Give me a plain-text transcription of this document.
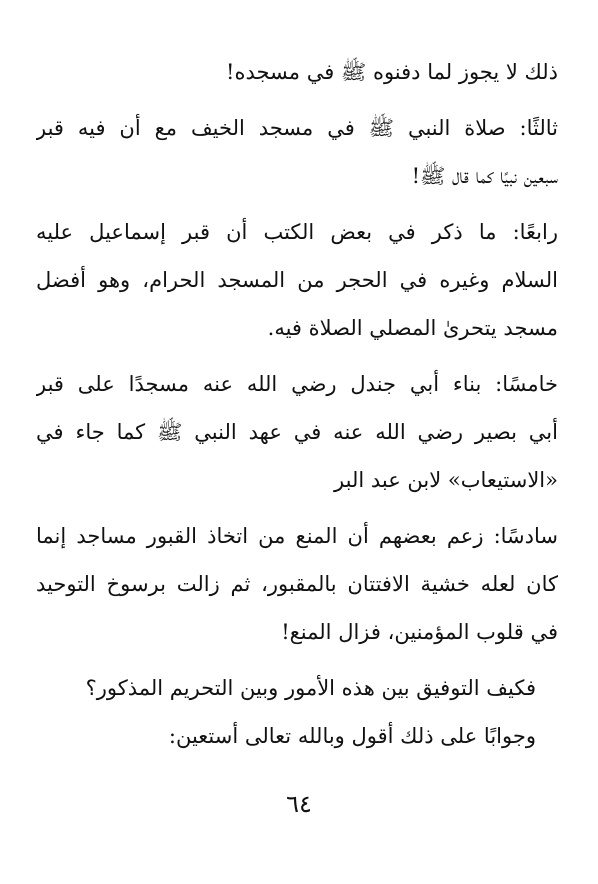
ذلك لا يجوز لما دفنوه ﷺ في مسجده!
ثالثًا: صلاة النبي ﷺ في مسجد الخيف مع أن فيه قبر
سبعين نبيًا كما قال ﷺ!
رابعًا: ما ذكر في بعض الكتب أن قبر إسماعيل عليه
السلام وغيره في الحجر من المسجد الحرام، وهو أفضل
مسجد يتحرىٰ المصلي الصلاة فيه.
خامسًا: بناء أبي جندل رضي الله عنه مسجدًا على قبر
أبي بصير رضي الله عنه في عهد النبي ﷺ كما جاء في
«الاستيعاب» لابن عبد البر
سادسًا: زعم بعضهم أن المنع من اتخاذ القبور مساجد إنما
كان لعله خشية الافتتان بالمقبور، ثم زالت برسوخ التوحيد
في قلوب المؤمنين، فزال المنع!
فكيف التوفيق بين هذه الأمور وبين التحريم المذكور؟
وجوابًا على ذلك أقول وبالله تعالى أستعين:
٦٤
